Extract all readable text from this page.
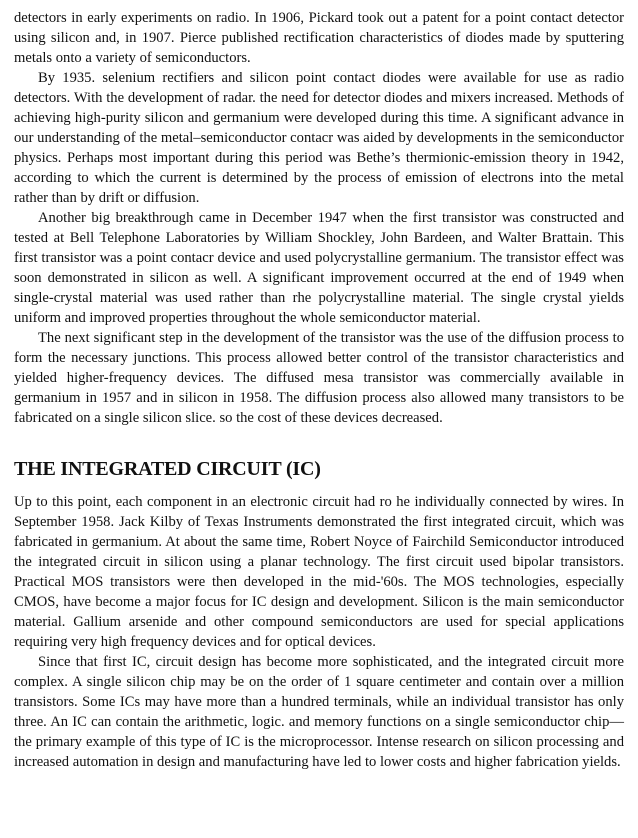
detectors in early experiments on radio. In 1906, Pickard took out a patent for a point contact detector using silicon and, in 1907. Pierce published rectification characteristics of diodes made by sputtering metals onto a variety of semiconductors.

By 1935. selenium rectifiers and silicon point contact diodes were available for use as radio detectors. With the development of radar. the need for detector diodes and mixers increased. Methods of achieving high-purity silicon and germanium were developed during this time. A significant advance in our understanding of the metal–semiconductor contacr was aided by developments in the semiconductor physics. Perhaps most important during this period was Bethe’s thermionic-emission theory in 1942, according to which the current is determined by the process of emission of electrons into the metal rather than by drift or diffusion.

Another big breakthrough came in December 1947 when the first transistor was constructed and tested at Bell Telephone Laboratories by William Shockley, John Bardeen, and Walter Brattain. This first transistor was a point contacr device and used polycrystalline germanium. The transistor effect was soon demonstrated in silicon as well. A significant improvement occurred at the end of 1949 when single-crystal material was used rather than rhe polycrystalline material. The single crystal yields uniform and improved properties throughout the whole semiconductor material.

The next significant step in the development of the transistor was the use of the diffusion process to form the necessary junctions. This process allowed better control of the transistor characteristics and yielded higher-frequency devices. The diffused mesa transistor was commercially available in germanium in 1957 and in silicon in 1958. The diffusion process also allowed many transistors to be fabricated on a single silicon slice. so the cost of these devices decreased.

THE INTEGRATED CIRCUIT (IC)

Up to this point, each component in an electronic circuit had ro he individually connected by wires. In September 1958. Jack Kilby of Texas Instruments demonstrated the first integrated circuit, which was fabricated in germanium. At about the same time, Robert Noyce of Fairchild Semiconductor introduced the integrated circuit in silicon using a planar technology. The first circuit used bipolar transistors. Practical MOS transistors were then developed in the mid-'60s. The MOS technologies, especially CMOS, have become a major focus for IC design and development. Silicon is the main semiconductor material. Gallium arsenide and other compound semiconductors are used for special applications requiring very high frequency devices and for optical devices.

Since that first IC, circuit design has become more sophisticated, and the integrated circuit more complex. A single silicon chip may be on the order of 1 square centimeter and contain over a million transistors. Some ICs may have more than a hundred terminals, while an individual transistor has only three. An IC can contain the arithmetic, logic. and memory functions on a single semiconductor chip—the primary example of this type of IC is the microprocessor. Intense research on silicon processing and increased automation in design and manufacturing have led to lower costs and higher fabrication yields.
